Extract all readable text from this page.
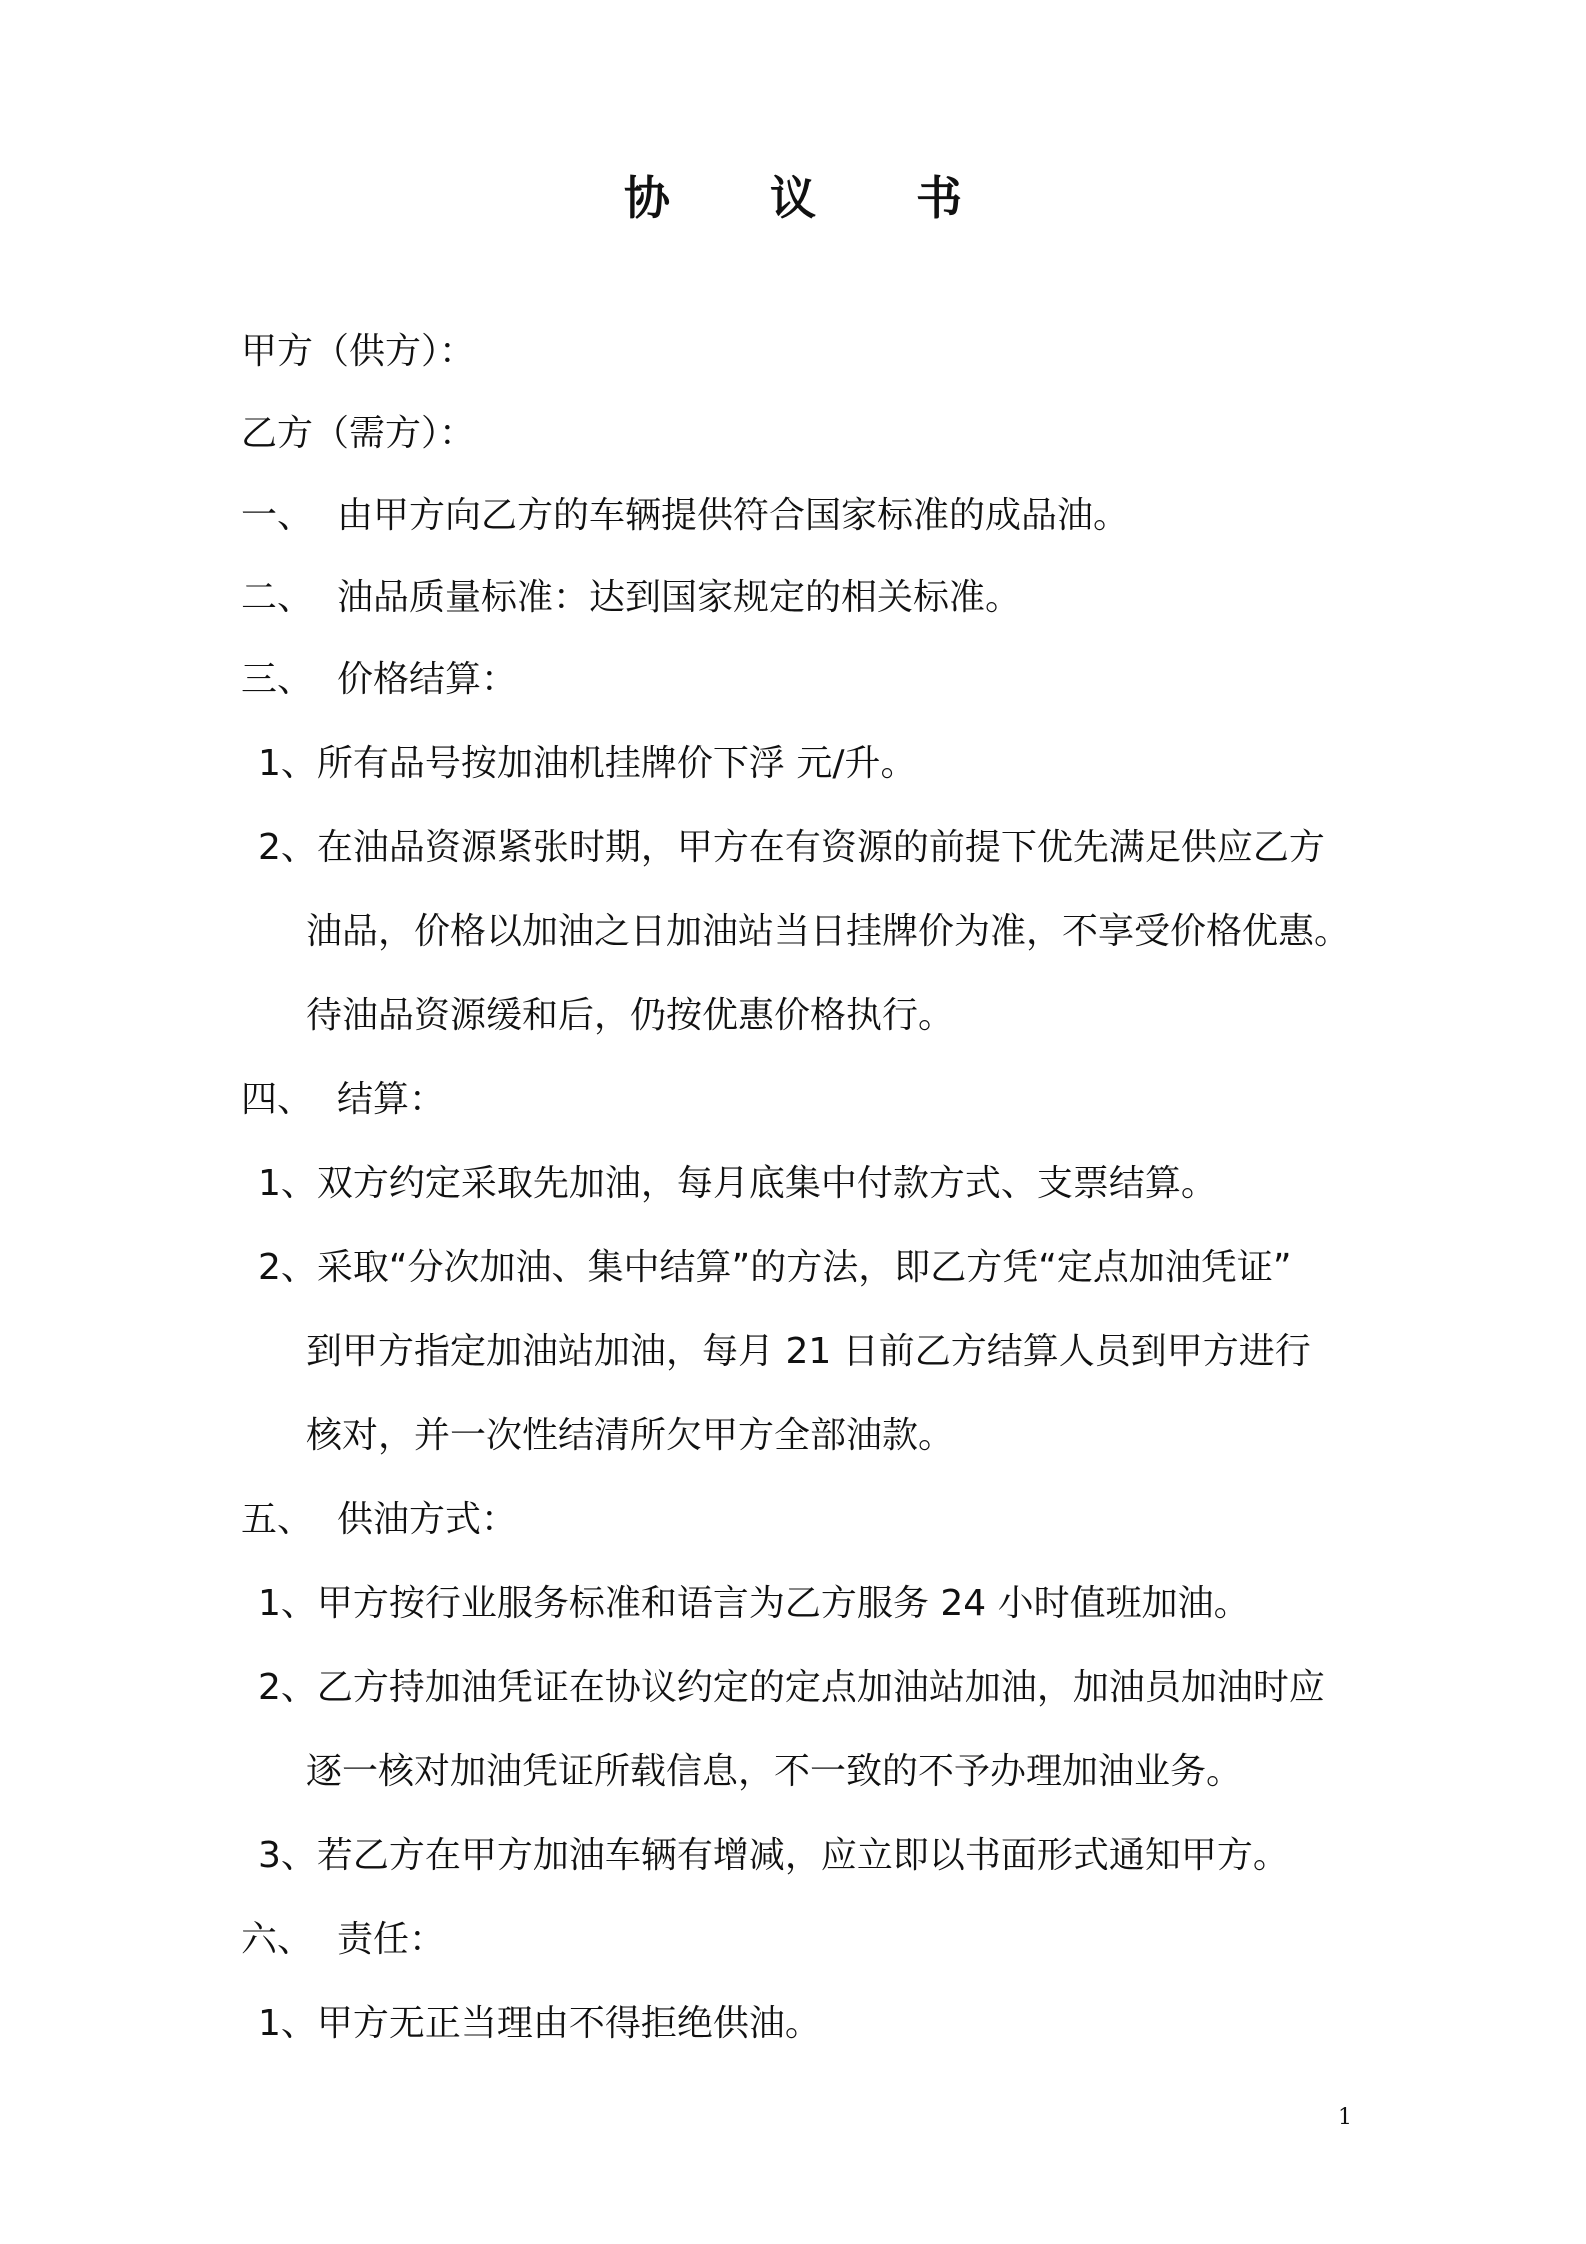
协 议 书
甲方（供方）：
乙方（需方）：
一、 由甲方向乙方的车辆提供符合国家标准的成品油。
二、 油品质量标准：达到国家规定的相关标准。
三、 价格结算：
1、所有品号按加油机挂牌价下浮 元/升。
2、在油品资源紧张时期，甲方在有资源的前提下优先满足供应乙方
油品，价格以加油之日加油站当日挂牌价为准，不享受价格优惠。
待油品资源缓和后，仍按优惠价格执行。
四、 结算：
1、双方约定采取先加油，每月底集中付款方式、支票结算。
2、采取“分次加油、集中结算”的方法，即乙方凭“定点加油凭证”
到甲方指定加油站加油，每月 21 日前乙方结算人员到甲方进行
核对，并一次性结清所欠甲方全部油款。
五、 供油方式：
1、甲方按行业服务标准和语言为乙方服务 24 小时值班加油。
2、乙方持加油凭证在协议约定的定点加油站加油，加油员加油时应
逐一核对加油凭证所载信息，不一致的不予办理加油业务。
3、若乙方在甲方加油车辆有增减，应立即以书面形式通知甲方。
六、 责任：
1、甲方无正当理由不得拒绝供油。
1
